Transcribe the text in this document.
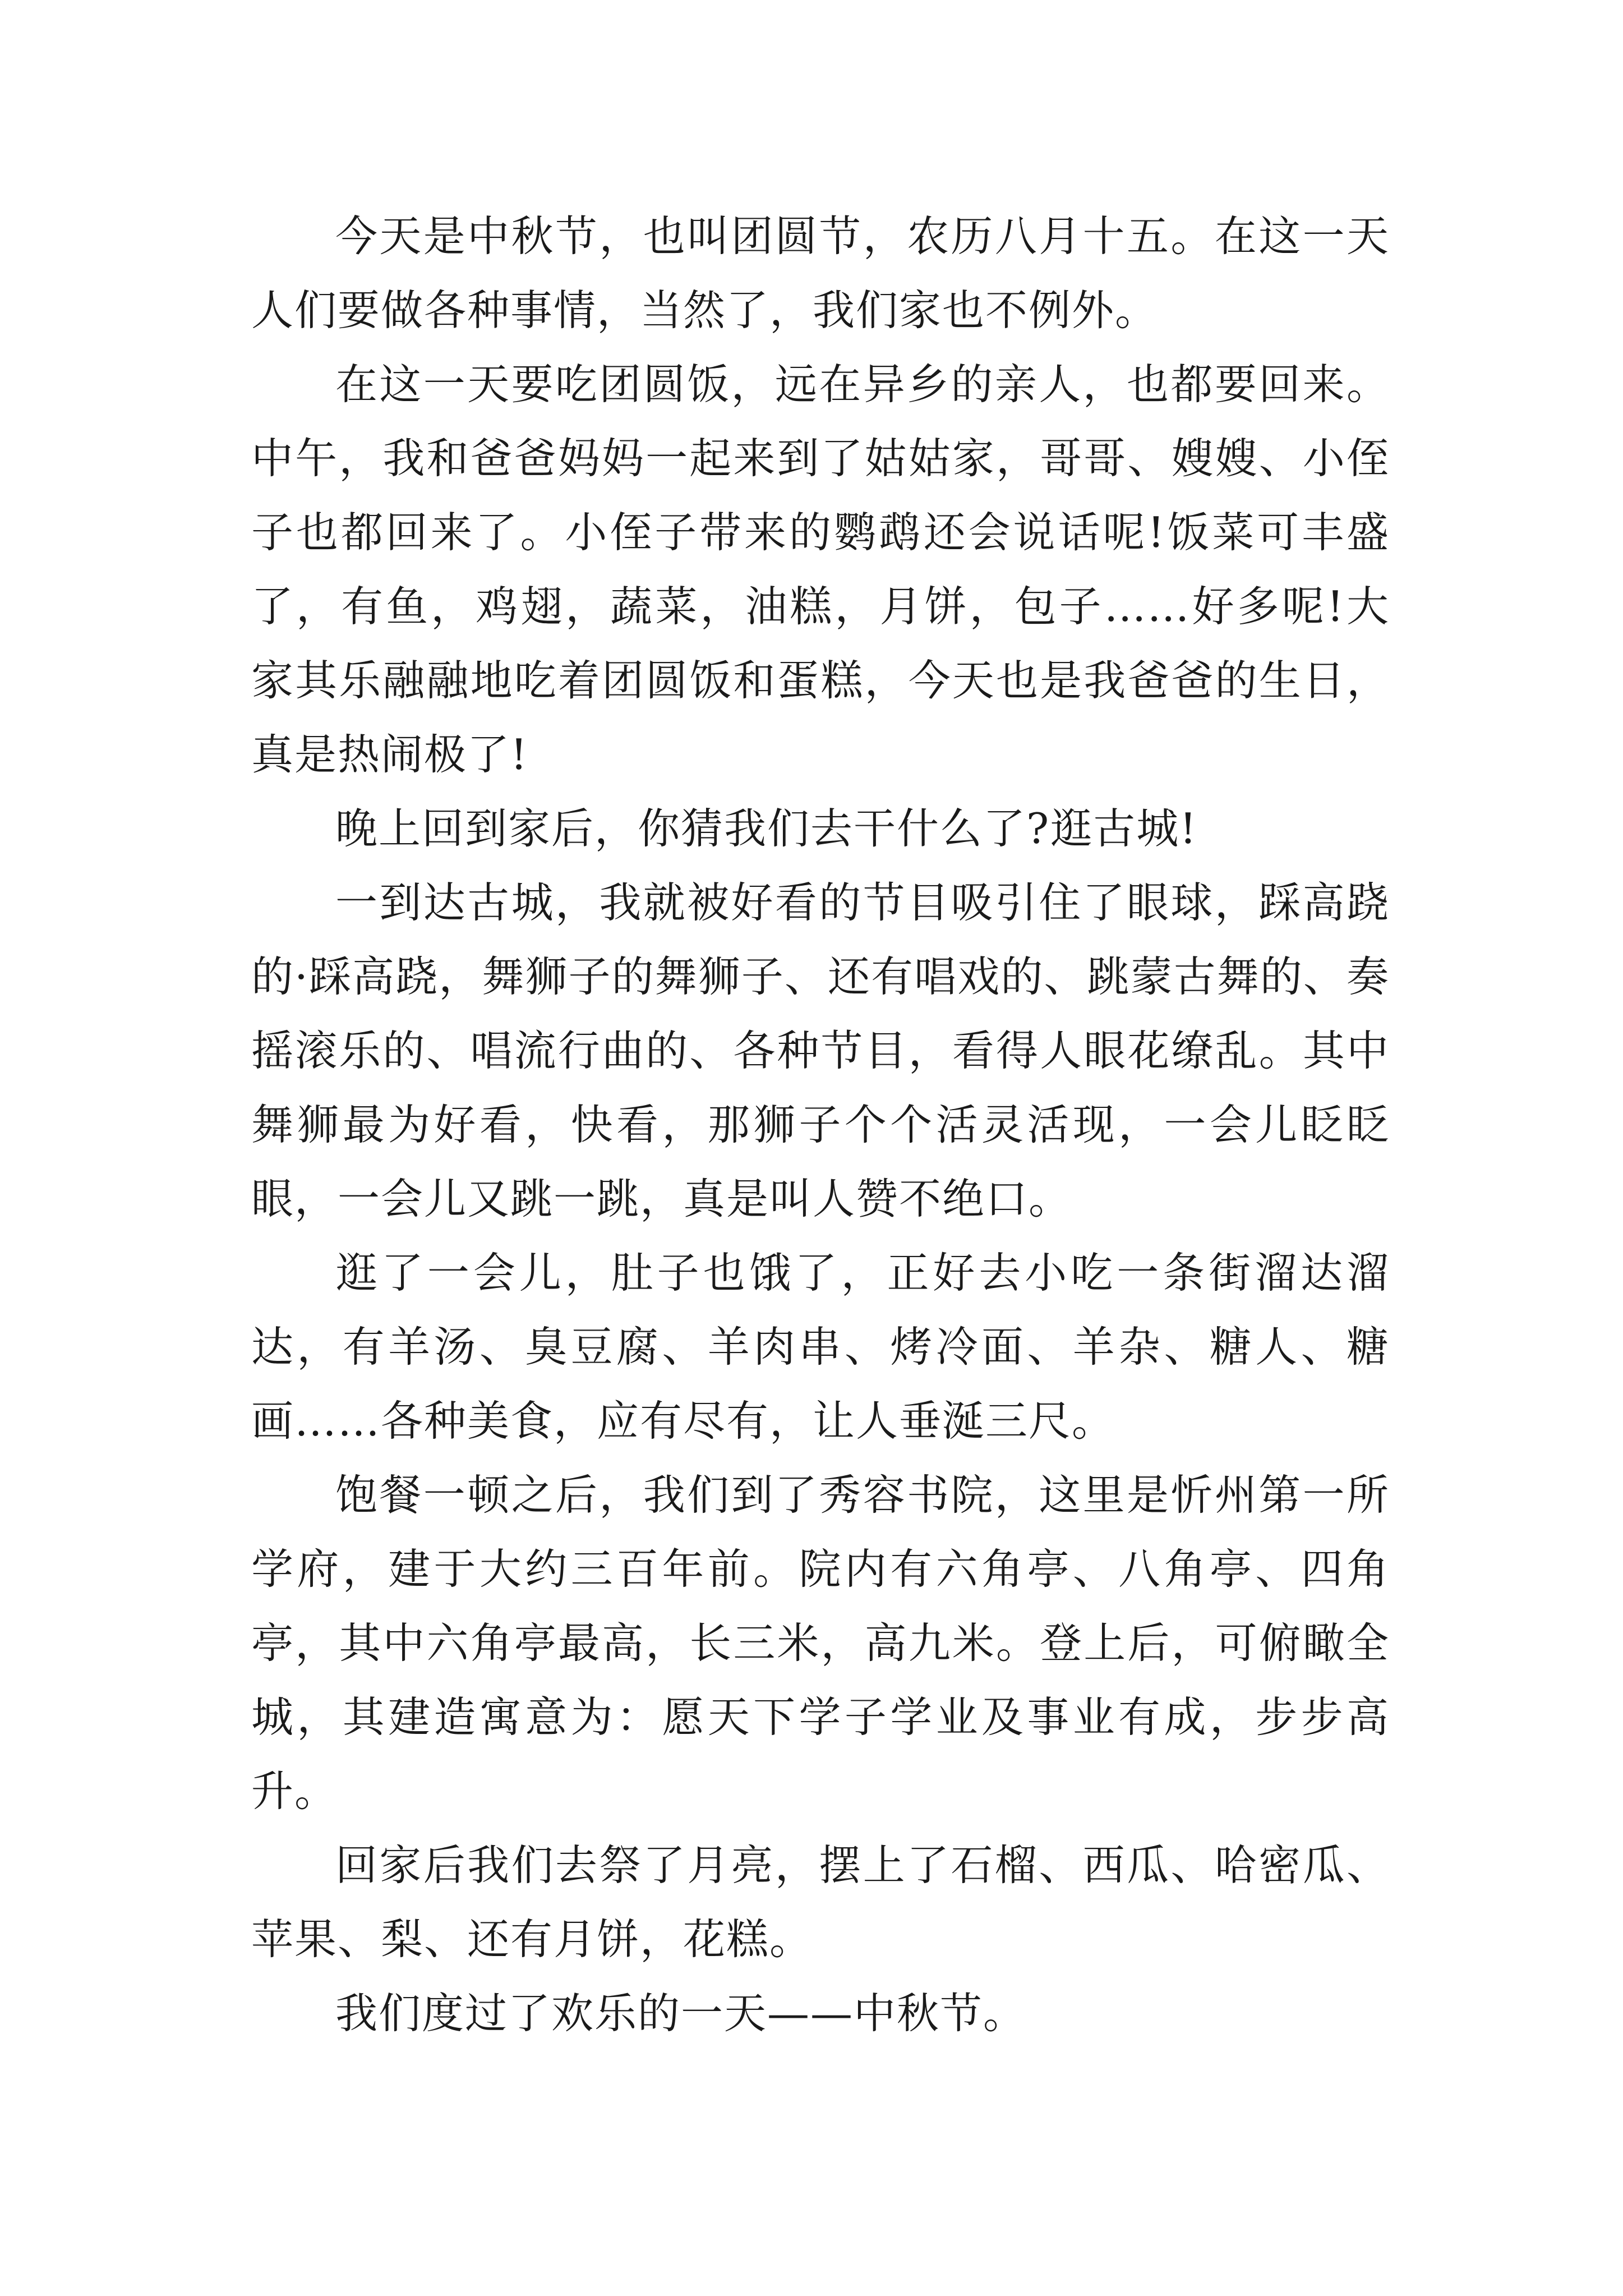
今天是中秋节，也叫团圆节，农历八月十五。在这一天人们要做各种事情，当然了，我们家也不例外。

在这一天要吃团圆饭，远在异乡的亲人，也都要回来。中午，我和爸爸妈妈一起来到了姑姑家，哥哥、嫂嫂、小侄子也都回来了。小侄子带来的鹦鹉还会说话呢!饭菜可丰盛了，有鱼，鸡翅，蔬菜，油糕，月饼，包子……好多呢!大家其乐融融地吃着团圆饭和蛋糕，今天也是我爸爸的生日，真是热闹极了!

晚上回到家后，你猜我们去干什么了?逛古城!

一到达古城，我就被好看的节目吸引住了眼球，踩高跷的·踩高跷，舞狮子的舞狮子、还有唱戏的、跳蒙古舞的、奏摇滚乐的、唱流行曲的、各种节目，看得人眼花缭乱。其中舞狮最为好看，快看，那狮子个个活灵活现，一会儿眨眨眼，一会儿又跳一跳，真是叫人赞不绝口。

逛了一会儿，肚子也饿了，正好去小吃一条街溜达溜达，有羊汤、臭豆腐、羊肉串、烤冷面、羊杂、糖人、糖画……各种美食，应有尽有，让人垂涎三尺。

饱餐一顿之后，我们到了秀容书院，这里是忻州第一所学府，建于大约三百年前。院内有六角亭、八角亭、四角亭，其中六角亭最高，长三米，高九米。登上后，可俯瞰全城，其建造寓意为：愿天下学子学业及事业有成，步步高升。

回家后我们去祭了月亮，摆上了石榴、西瓜、哈密瓜、苹果、梨、还有月饼，花糕。

我们度过了欢乐的一天——中秋节。
